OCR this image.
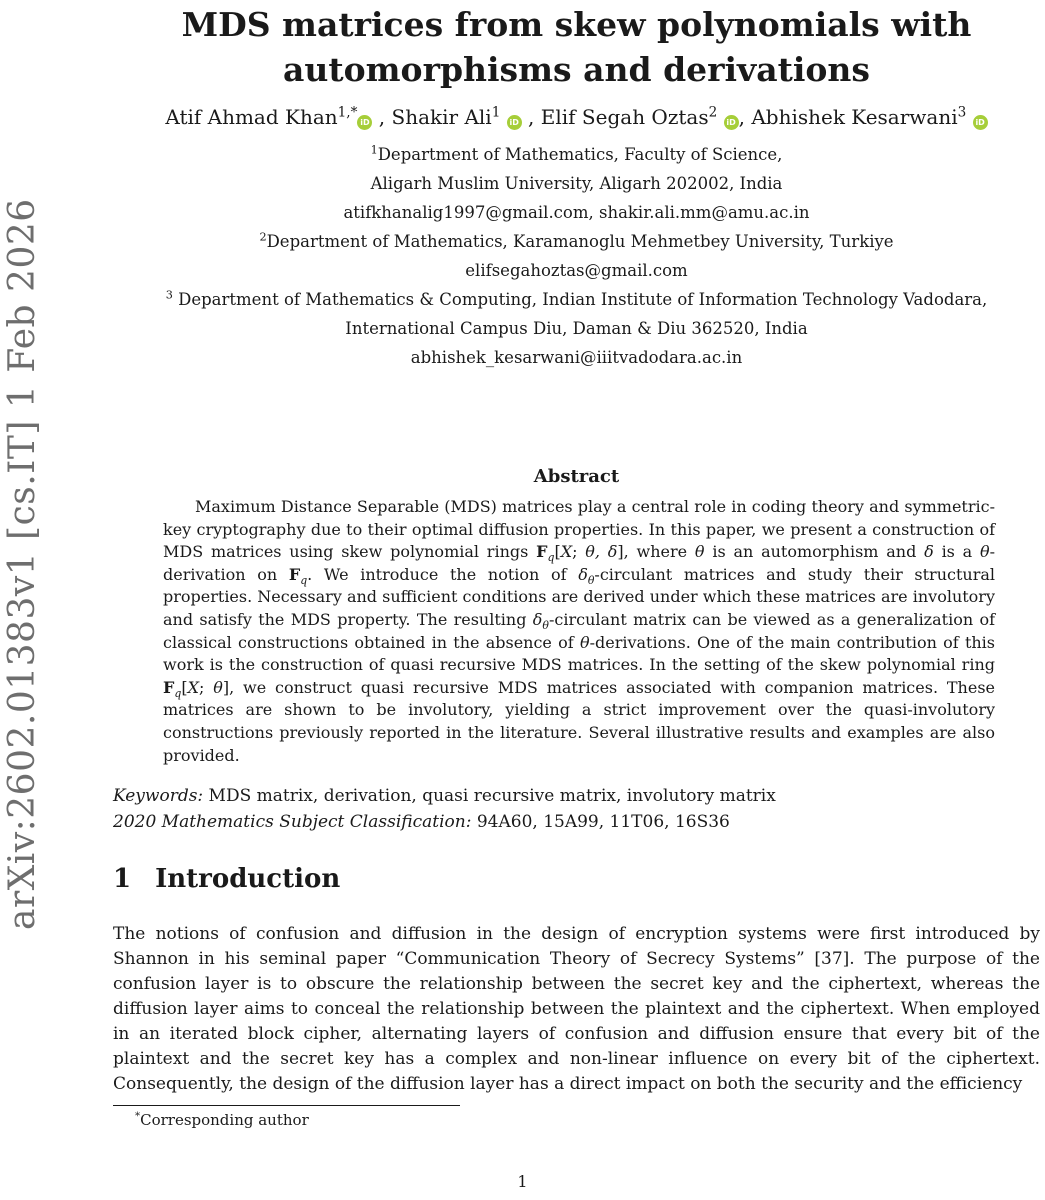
arXiv:2602.01383v1 [cs.IT] 1 Feb 2026
MDS matrices from skew polynomials with
automorphisms and derivations
Atif Ahmad Khan$^{1,*}$iD , Shakir Ali$^1$ iD , Elif Segah Oztas$^2$ iD , Abhishek Kesarwani$^3$ iD
$^1$Department of Mathematics, Faculty of Science,
Aligarh Muslim University, Aligarh 202002, India
atifkhanalig1997@gmail.com, shakir.ali.mm@amu.ac.in
$^2$Department of Mathematics, Karamanoglu Mehmetbey University, Turkiye
elifsegahoztas@gmail.com
$^3$ Department of Mathematics & Computing, Indian Institute of Information Technology Vadodara,
International Campus Diu, Daman & Diu 362520, India
abhishek_kesarwani@iiitvadodara.ac.in
Abstract
Maximum Distance Separable (MDS) matrices play a central role in coding theory and symmetric-key cryptography due to their optimal diffusion properties. In this paper, we present a construction of MDS matrices using skew polynomial rings $F_q[X$; θ, δ], where θ is an automorphism and δ is a θ-derivation on $F_q$. We introduce the notion of $\delta_\theta$-circulant matrices and study their structural properties. Necessary and sufficient conditions are derived under which these matrices are involutory and satisfy the MDS property. The resulting $\delta_\theta$-circulant matrix can be viewed as a generalization of classical constructions obtained in the absence of θ-derivations. One of the main contribution of this work is the construction of quasi recursive MDS matrices. In the setting of the skew polynomial ring $F_q[X$; θ], we construct quasi recursive MDS matrices associated with companion matrices. These matrices are shown to be involutory, yielding a strict improvement over the quasi-involutory constructions previously reported in the literature. Several illustrative results and examples are also provided.
Keywords: MDS matrix, derivation, quasi recursive matrix, involutory matrix
2020 Mathematics Subject Classification: 94A60, 15A99, 11T06, 16S36
1 Introduction
The notions of confusion and diffusion in the design of encryption systems were first introduced by Shannon in his seminal paper “Communication Theory of Secrecy Systems” [37]. The purpose of the confusion layer is to obscure the relationship between the secret key and the ciphertext, whereas the diffusion layer aims to conceal the relationship between the plaintext and the ciphertext. When employed in an iterated block cipher, alternating layers of confusion and diffusion ensure that every bit of the plaintext and the secret key has a complex and non-linear influence on every bit of the ciphertext. Consequently, the design of the diffusion layer has a direct impact on both the security and the efficiency
*Corresponding author
1
